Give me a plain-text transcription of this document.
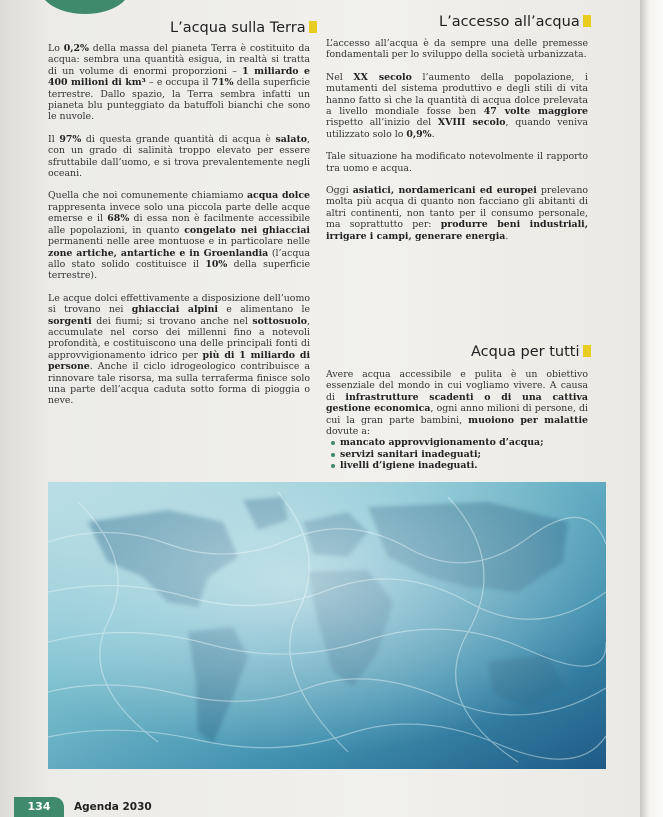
L’acqua sulla Terra

Lo 0,2% della massa del pianeta Terra è costituito da acqua: sembra una quantità esigua, in realtà si tratta di un volume di enormi proporzioni – 1 miliardo e 400 milioni di km³ – e occupa il 71% della superficie terrestre. Dallo spazio, la Terra sembra infatti un pianeta blu punteggiato da batuffoli bianchi che sono le nuvole.

Il 97% di questa grande quantità di acqua è salato, con un grado di salinità troppo elevato per essere sfruttabile dall’uomo, e si trova prevalentemente negli oceani.

Quella che noi comunemente chiamiamo acqua dolce rappresenta invece solo una piccola parte delle acque emerse e il 68% di essa non è facilmente accessibile alle popolazioni, in quanto congelato nei ghiacciai permanenti nelle aree montuose e in particolare nelle zone artiche, antartiche e in Groenlandia (l’acqua allo stato solido costituisce il 10% della superficie terrestre).

Le acque dolci effettivamente a disposizione dell’uomo si trovano nei ghiacciai alpini e alimentano le sorgenti dei fiumi; si trovano anche nel sottosuolo, accumulate nel corso dei millenni fino a notevoli profondità, e costituiscono una delle principali fonti di approvvigionamento idrico per più di 1 miliardo di persone. Anche il ciclo idrogeologico contribuisce a rinnovare tale risorsa, ma sulla terraferma finisce solo una parte dell’acqua caduta sotto forma di pioggia o neve.

L’accesso all’acqua

L’accesso all’acqua è da sempre una delle premesse fondamentali per lo sviluppo della società urbanizzata.

Nel XX secolo l’aumento della popolazione, i mutamenti del sistema produttivo e degli stili di vita hanno fatto sì che la quantità di acqua dolce prelevata a livello mondiale fosse ben 47 volte maggiore rispetto all’inizio del XVIII secolo, quando veniva utilizzato solo lo 0,9%.

Tale situazione ha modificato notevolmente il rapporto tra uomo e acqua.

Oggi asiatici, nordamericani ed europei prelevano molta più acqua di quanto non facciano gli abitanti di altri continenti, non tanto per il consumo personale, ma soprattutto per: produrre beni industriali, irrigare i campi, generare energia.

Acqua per tutti

Avere acqua accessibile e pulita è un obiettivo essenziale del mondo in cui vogliamo vivere. A causa di infrastrutture scadenti o di una cattiva gestione economica, ogni anno milioni di persone, di cui la gran parte bambini, muoiono per malattie dovute a:

mancato approvvigionamento d’acqua;
servizi sanitari inadeguati;
livelli d’igiene inadeguati.
134	Agenda 2030
